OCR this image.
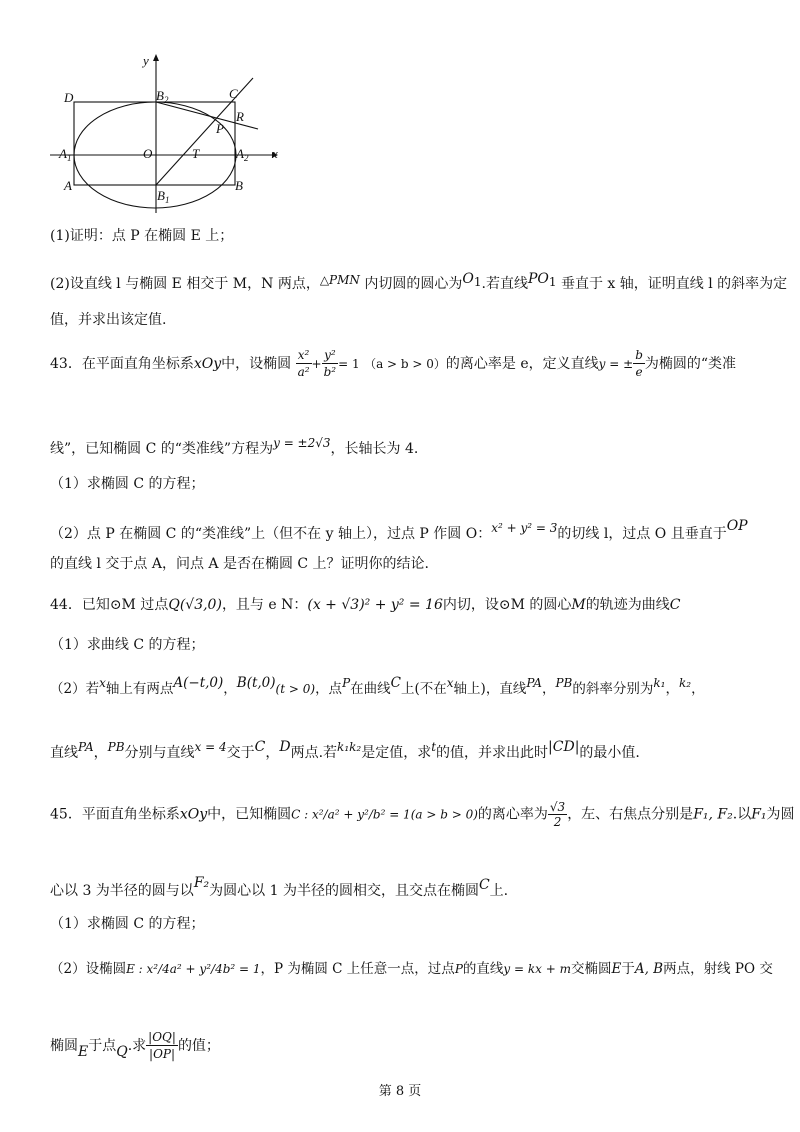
y
x
D	$B_2$	C
R
P
$A_1$	O	T	$A_2$
A
$B_1$
B
(1)证明：点 P 在椭圆 E 上；
(2)设直线 l 与椭圆 E 相交于 M，N 两点，△PMN 内切圆的圆心为O1.若直线PO1 垂直于 x 轴，证明直线 l 的斜率为定
值，并求出该定值.
43．在平面直角坐标系xOy中，设椭圆 $\frac{\text{x²}}{\text{a²}} + \frac{\text{y²}}{\text{b²}} = 1$ （a > b > 0）的离心率是 e，定义直线y = ± $\frac{b}{e}$ 为椭圆的“类准
线”，已知椭圆 C 的“类准线”方程为y = ±2√3，长轴长为 4.
（1）求椭圆 C 的方程；
（2）点 P 在椭圆 C 的“类准线”上（但不在 y 轴上），过点 P 作圆 O：x² + y² = 3的切线 l，过点 O 且垂直于OP
的直线 l 交于点 A，问点 A 是否在椭圆 C 上？证明你的结论.
44．已知⊙M 过点Q(√3,0)，且与 e N：(x + √3)² + y² = 16内切，设⊙M 的圆心M的轨迹为曲线C
（1）求曲线 C 的方程；
（2）若x轴上有两点A(−t,0)，B(t,0)(t > 0)，点P在曲线C上(不在x轴上)，直线PA，PB的斜率分别为k₁，k₂，
直线PA，PB分别与直线x = 4交于C，D两点.若k₁k₂是定值，求t的值，并求出此时|CD|的最小值.
45．平面直角坐标系xOy中，已知椭圆C : x²/a² + y²/b² = 1(a > b > 0)的离心率为 $\frac{√3}{2}$ ，左、右焦点分别是F₁, F₂.以F₁为圆
心以 3 为半径的圆与以F₂为圆心以 1 为半径的圆相交，且交点在椭圆C上.
（1）求椭圆 C 的方程；
（2）设椭圆E : x²/4a² + y²/4b² = 1，P 为椭圆 C 上任意一点，过点P的直线y = kx + m交椭圆E于A, B两点，射线 PO 交
椭圆E于点Q.求 $\frac{|OQ|}{|OP|}$ 的值；
第 8 页
